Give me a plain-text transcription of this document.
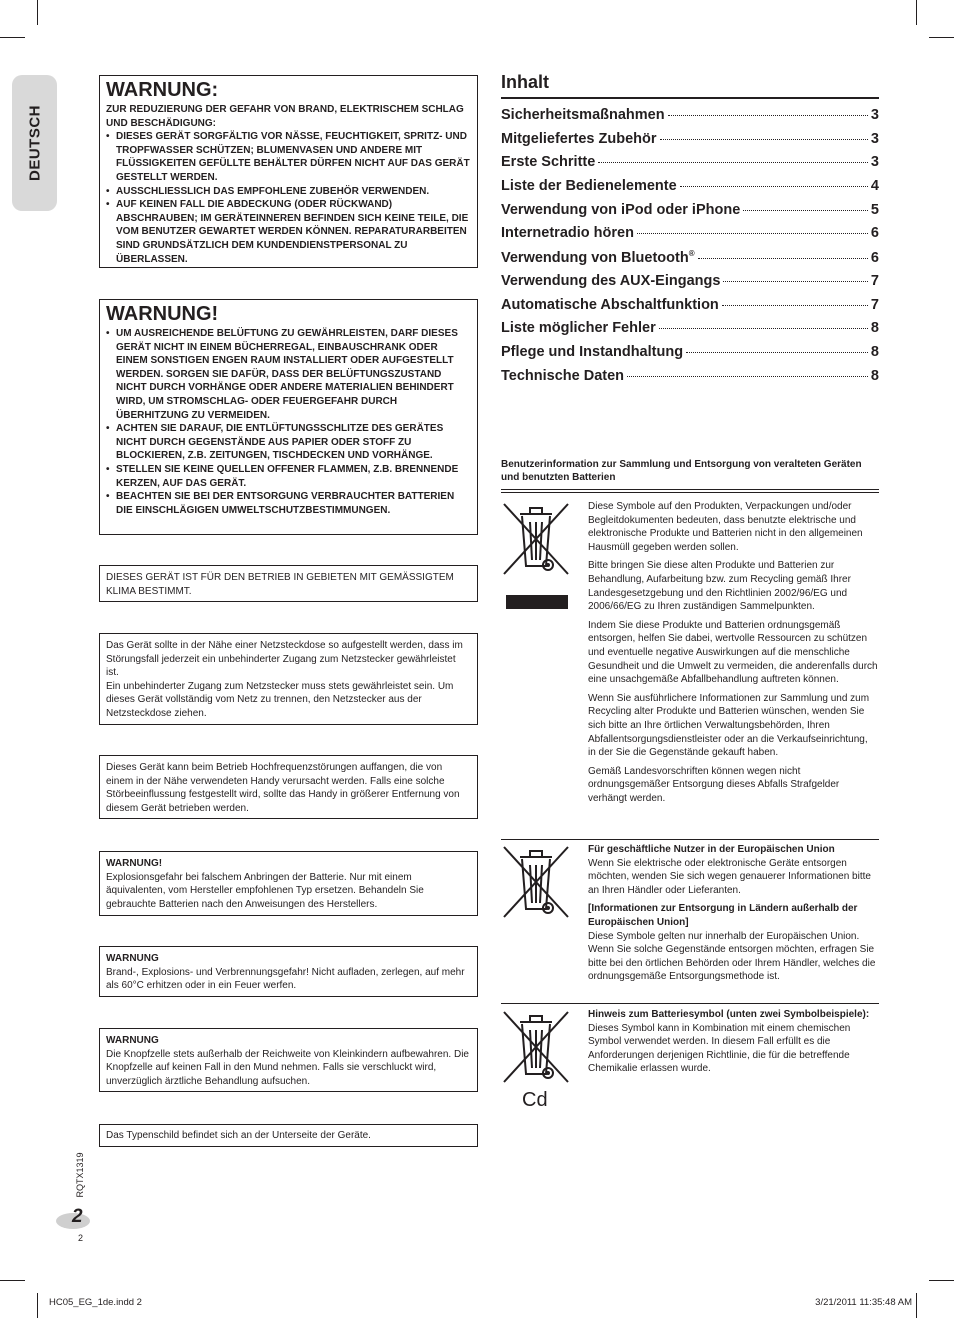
DEUTSCH
WARNUNG:
ZUR REDUZIERUNG DER GEFAHR VON BRAND, ELEKTRISCHEM SCHLAG UND BESCHÄDIGUNG:
• DIESES GERÄT SORGFÄLTIG VOR NÄSSE, FEUCHTIGKEIT, SPRITZ- UND TROPFWASSER SCHÜTZEN; BLUMENVASEN UND ANDERE MIT FLÜSSIGKEITEN GEFÜLLTE BEHÄLTER DÜRFEN NICHT AUF DAS GERÄT GESTELLT WERDEN.
• AUSSCHLIESSLICH DAS EMPFOHLENE ZUBEHÖR VERWENDEN.
• AUF KEINEN FALL DIE ABDECKUNG (ODER RÜCKWAND) ABSCHRAUBEN; IM GERÄTEINNEREN BEFINDEN SICH KEINE TEILE, DIE VOM BENUTZER GEWARTET WERDEN KÖNNEN. REPARATURARBEITEN SIND GRUNDSÄTZLICH DEM KUNDENDIENSTPERSONAL ZU ÜBERLASSEN.
WARNUNG!
• UM AUSREICHENDE BELÜFTUNG ZU GEWÄHRLEISTEN, DARF DIESES GERÄT NICHT IN EINEM BÜCHERREGAL, EINBAUSCHRANK ODER EINEM SONSTIGEN ENGEN RAUM INSTALLIERT ODER AUFGESTELLT WERDEN. SORGEN SIE DAFÜR, DASS DER BELÜFTUNGSZUSTAND NICHT DURCH VORHÄNGE ODER ANDERE MATERIALIEN BEHINDERT WIRD, UM STROMSCHLAG- ODER FEUERGEFAHR DURCH ÜBERHITZUNG ZU VERMEIDEN.
• ACHTEN SIE DARAUF, DIE ENTLÜFTUNGSSCHLITZE DES GERÄTES NICHT DURCH GEGENSTÄNDE AUS PAPIER ODER STOFF ZU BLOCKIEREN, Z.B. ZEITUNGEN, TISCHDECKEN UND VORHÄNGE.
• STELLEN SIE KEINE QUELLEN OFFENER FLAMMEN, Z.B. BRENNENDE KERZEN, AUF DAS GERÄT.
• BEACHTEN SIE BEI DER ENTSORGUNG VERBRAUCHTER BATTERIEN DIE EINSCHLÄGIGEN UMWELTSCHUTZBESTIMMUNGEN.
DIESES GERÄT IST FÜR DEN BETRIEB IN GEBIETEN MIT GEMÄSSIGTEM KLIMA BESTIMMT.
Das Gerät sollte in der Nähe einer Netzsteckdose so aufgestellt werden, dass im Störungsfall jederzeit ein unbehinderter Zugang zum Netzstecker gewährleistet ist.
Ein unbehinderter Zugang zum Netzstecker muss stets gewährleistet sein. Um dieses Gerät vollständig vom Netz zu trennen, den Netzstecker aus der Netzsteckdose ziehen.
Dieses Gerät kann beim Betrieb Hochfrequenzstörungen auffangen, die von einem in der Nähe verwendeten Handy verursacht werden. Falls eine solche Störbeeinflussung festgestellt wird, sollte das Handy in größerer Entfernung von diesem Gerät betrieben werden.
WARNUNG!
Explosionsgefahr bei falschem Anbringen der Batterie. Nur mit einem äquivalenten, vom Hersteller empfohlenen Typ ersetzen. Behandeln Sie gebrauchte Batterien nach den Anweisungen des Herstellers.
WARNUNG
Brand-, Explosions- und Verbrennungsgefahr! Nicht aufladen, zerlegen, auf mehr als 60°C erhitzen oder in ein Feuer werfen.
WARNUNG
Die Knopfzelle stets außerhalb der Reichweite von Kleinkindern aufbewahren. Die Knopfzelle auf keinen Fall in den Mund nehmen. Falls sie verschluckt wird, unverzüglich ärztliche Behandlung aufsuchen.
Das Typenschild befindet sich an der Unterseite der Geräte.
Inhalt
Sicherheitsmaßnahmen	3
Mitgeliefertes Zubehör	3
Erste Schritte	3
Liste der Bedienelemente	4
Verwendung von iPod oder iPhone	5
Internetradio hören	6
Verwendung von Bluetooth®	6
Verwendung des AUX-Eingangs	7
Automatische Abschaltfunktion	7
Liste möglicher Fehler	8
Pflege und Instandhaltung	8
Technische Daten	8
Benutzerinformation zur Sammlung und Entsorgung von veralteten Geräten und benutzten Batterien

Diese Symbole auf den Produkten, Verpackungen und/oder Begleitdokumenten bedeuten, dass benutzte elektrische und elektronische Produkte und Batterien nicht in den allgemeinen Hausmüll gegeben werden sollen.

Bitte bringen Sie diese alten Produkte und Batterien zur Behandlung, Aufarbeitung bzw. zum Recycling gemäß Ihrer Landesgesetzgebung und den Richtlinien 2002/96/EG und 2006/66/EG zu Ihren zuständigen Sammelpunkten.

Indem Sie diese Produkte und Batterien ordnungsgemäß entsorgen, helfen Sie dabei, wertvolle Ressourcen zu schützen und eventuelle negative Auswirkungen auf die menschliche Gesundheit und die Umwelt zu vermeiden, die anderenfalls durch eine unsachgemäße Abfallbehandlung auftreten können.

Wenn Sie ausführlichere Informationen zur Sammlung und zum Recycling alter Produkte und Batterien wünschen, wenden Sie sich bitte an Ihre örtlichen Verwaltungsbehörden, Ihren Abfallentsorgungsdienstleister oder an die Verkaufseinrichtung, in der Sie die Gegenstände gekauft haben.

Gemäß Landesvorschriften können wegen nicht ordnungsgemäßer Entsorgung dieses Abfalls Strafgelder verhängt werden.

Für geschäftliche Nutzer in der Europäischen Union
Wenn Sie elektrische oder elektronische Geräte entsorgen möchten, wenden Sie sich wegen genauerer Informationen bitte an Ihren Händler oder Lieferanten.

[Informationen zur Entsorgung in Ländern außerhalb der Europäischen Union]
Diese Symbole gelten nur innerhalb der Europäischen Union. Wenn Sie solche Gegenstände entsorgen möchten, erfragen Sie bitte bei den örtlichen Behörden oder Ihrem Händler, welches die ordnungsgemäße Entsorgungsmethode ist.

Cd

Hinweis zum Batteriesymbol (unten zwei Symbolbeispiele):
Dieses Symbol kann in Kombination mit einem chemischen Symbol verwendet werden. In diesem Fall erfüllt es die Anforderungen derjenigen Richtlinie, die für die betreffende Chemikalie erlassen wurde.

RQTX1319
2
2
HC05_EG_1de.indd 2	3/21/2011 11:35:48 AM
